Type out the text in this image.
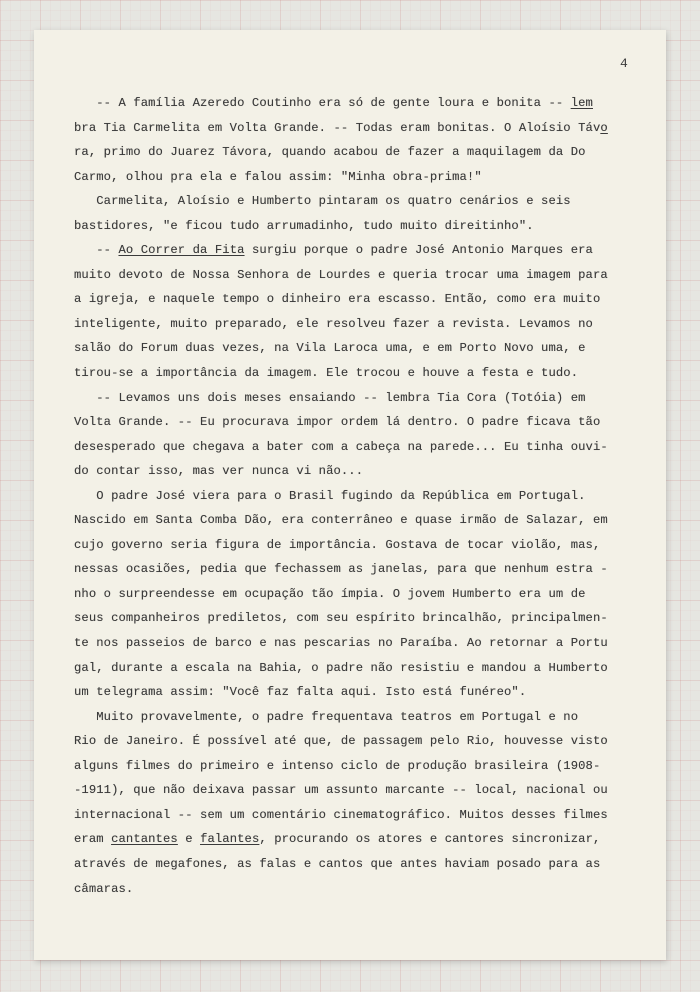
4

-- A família Azeredo Coutinho era só de gente loura e bonita -- lem
bra Tia Carmelita em Volta Grande. -- Todas eram bonitas. O Aloísio Távo
ra, primo do Juarez Távora, quando acabou de fazer a maquilagem da Do
Carmo, olhou pra ela e falou assim: "Minha obra-prima!"
Carmelita, Aloísio e Humberto pintaram os quatro cenários e seis
bastidores, "e ficou tudo arrumadinho, tudo muito direitinho".
-- Ao Correr da Fita surgiu porque o padre José Antonio Marques era
muito devoto de Nossa Senhora de Lourdes e queria trocar uma imagem para
a igreja, e naquele tempo o dinheiro era escasso. Então, como era muito
inteligente, muito preparado, ele resolveu fazer a revista. Levamos no
salão do Forum duas vezes, na Vila Laroca uma, e em Porto Novo uma, e
tirou-se a importância da imagem. Ele trocou e houve a festa e tudo.
-- Levamos uns dois meses ensaiando -- lembra Tia Cora (Totóia) em
Volta Grande. -- Eu procurava impor ordem lá dentro. O padre ficava tão
desesperado que chegava a bater com a cabeça na parede... Eu tinha ouvi-
do contar isso, mas ver nunca vi não...
O padre José viera para o Brasil fugindo da República em Portugal.
Nascido em Santa Comba Dão, era conterrâneo e quase irmão de Salazar, em
cujo governo seria figura de importância. Gostava de tocar violão, mas,
nessas ocasiões, pedia que fechassem as janelas, para que nenhum estra -
nho o surpreendesse em ocupação tão ímpia. O jovem Humberto era um de
seus companheiros prediletos, com seu espírito brincalhão, principalmen-
te nos passeios de barco e nas pescarias no Paraíba. Ao retornar a Portu
gal, durante a escala na Bahia, o padre não resistiu e mandou a Humberto
um telegrama assim: "Você faz falta aqui. Isto está funéreo".
Muito provavelmente, o padre frequentava teatros em Portugal e no
Rio de Janeiro. É possível até que, de passagem pelo Rio, houvesse visto
alguns filmes do primeiro e intenso ciclo de produção brasileira (1908-
-1911), que não deixava passar um assunto marcante -- local, nacional ou
internacional -- sem um comentário cinematográfico. Muitos desses filmes
eram cantantes e falantes, procurando os atores e cantores sincronizar,
através de megafones, as falas e cantos que antes haviam posado para as
câmaras.
